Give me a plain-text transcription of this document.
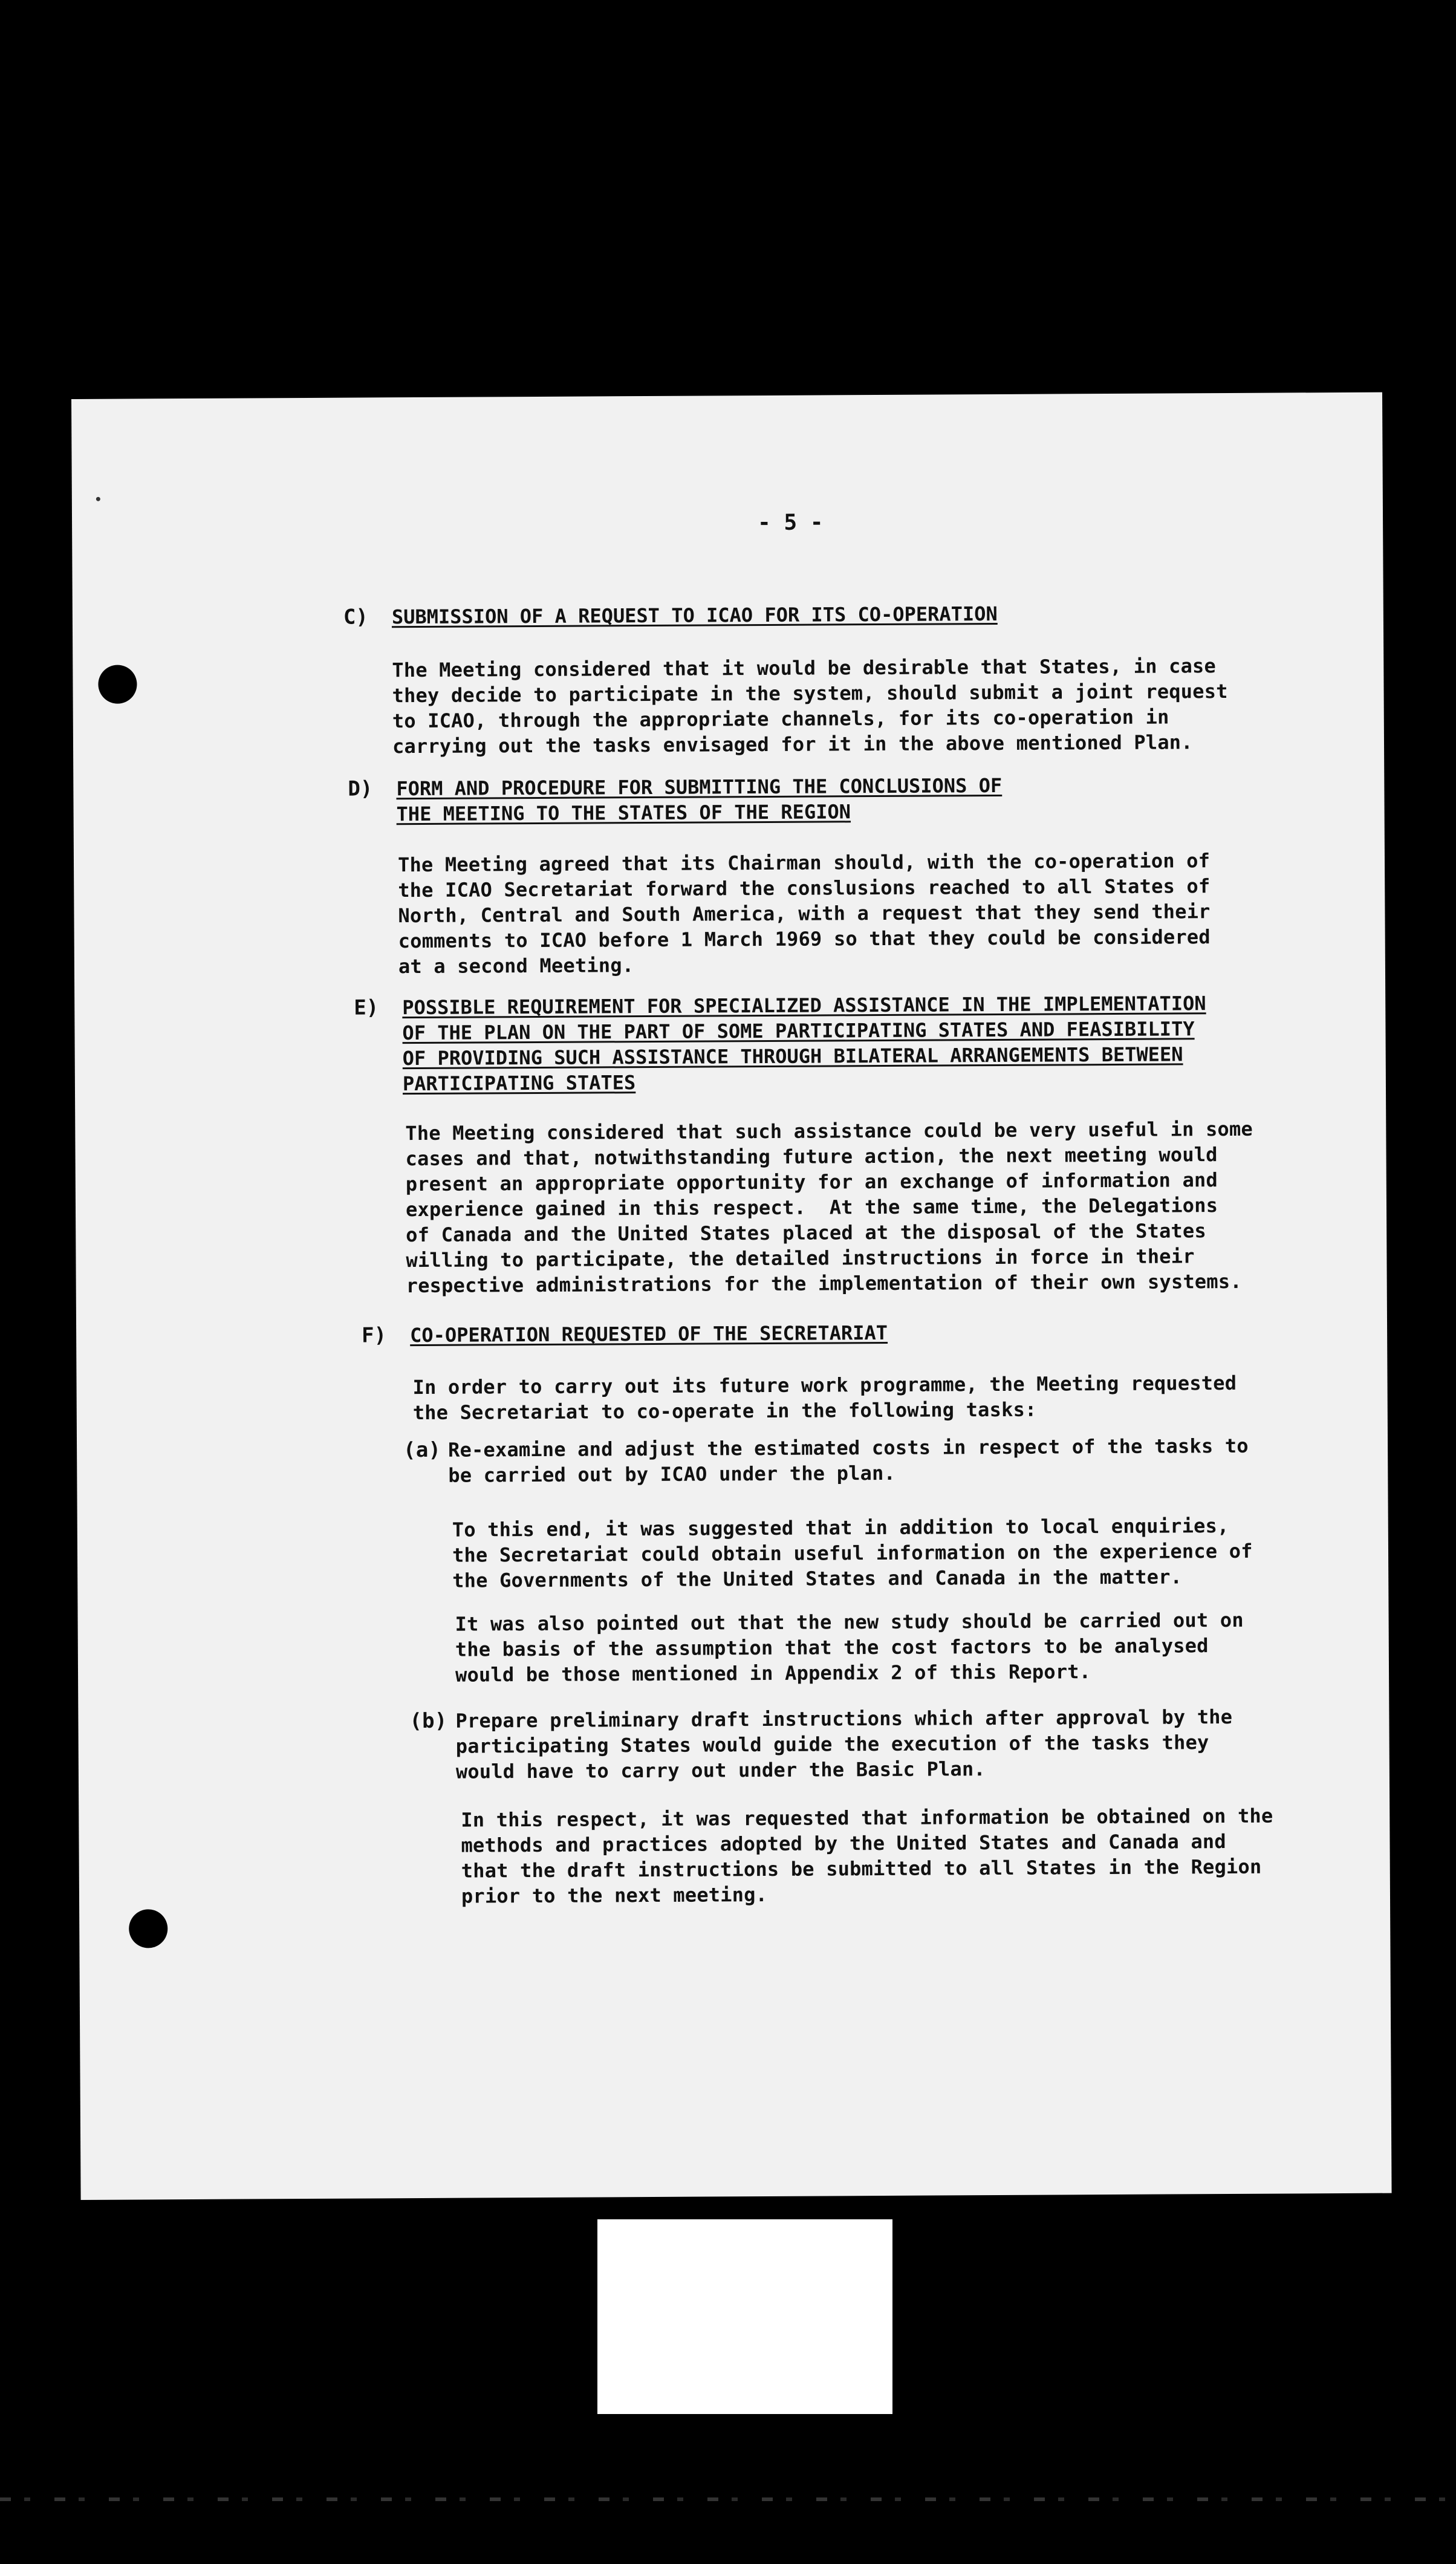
- 5 -
C) SUBMISSION OF A REQUEST TO ICAO FOR ITS CO-OPERATION
The Meeting considered that it would be desirable that States, in case
they decide to participate in the system, should submit a joint request
to ICAO, through the appropriate channels, for its co-operation in
carrying out the tasks envisaged for it in the above mentioned Plan.
D) FORM AND PROCEDURE FOR SUBMITTING THE CONCLUSIONS OF
THE MEETING TO THE STATES OF THE REGION
The Meeting agreed that its Chairman should, with the co-operation of
the ICAO Secretariat forward the conslusions reached to all States of
North, Central and South America, with a request that they send their
comments to ICAO before 1 March 1969 so that they could be considered
at a second Meeting.
E) POSSIBLE REQUIREMENT FOR SPECIALIZED ASSISTANCE IN THE IMPLEMENTATION
OF THE PLAN ON THE PART OF SOME PARTICIPATING STATES AND FEASIBILITY
OF PROVIDING SUCH ASSISTANCE THROUGH BILATERAL ARRANGEMENTS BETWEEN
PARTICIPATING STATES
The Meeting considered that such assistance could be very useful in some
cases and that, notwithstanding future action, the next meeting would
present an appropriate opportunity for an exchange of information and
experience gained in this respect.  At the same time, the Delegations
of Canada and the United States placed at the disposal of the States
willing to participate, the detailed instructions in force in their
respective administrations for the implementation of their own systems.
F) CO-OPERATION REQUESTED OF THE SECRETARIAT
In order to carry out its future work programme, the Meeting requested
the Secretariat to co-operate in the following tasks:
(a) Re-examine and adjust the estimated costs in respect of the tasks to
be carried out by ICAO under the plan.
To this end, it was suggested that in addition to local enquiries,
the Secretariat could obtain useful information on the experience of
the Governments of the United States and Canada in the matter.
It was also pointed out that the new study should be carried out on
the basis of the assumption that the cost factors to be analysed
would be those mentioned in Appendix 2 of this Report.
(b) Prepare preliminary draft instructions which after approval by the
participating States would guide the execution of the tasks they
would have to carry out under the Basic Plan.
In this respect, it was requested that information be obtained on the
methods and practices adopted by the United States and Canada and
that the draft instructions be submitted to all States in the Region
prior to the next meeting.
